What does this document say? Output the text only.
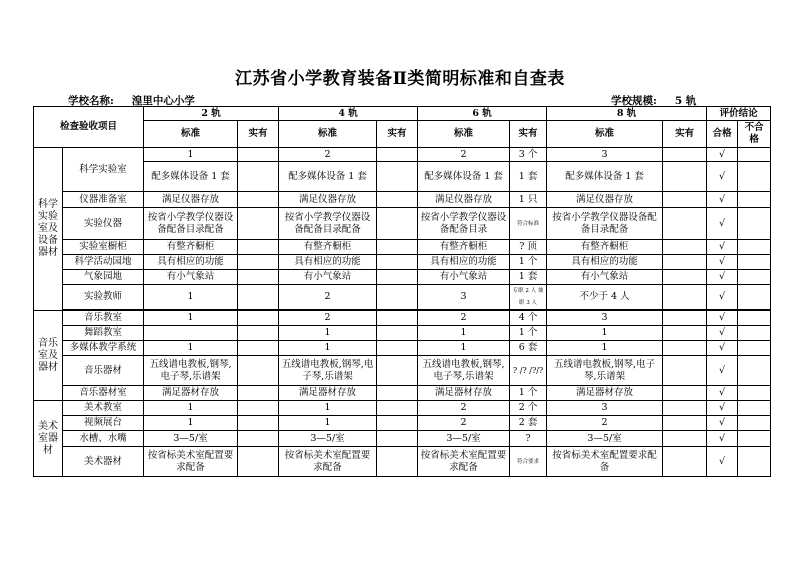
江苏省小学教育装备Ⅱ类简明标准和自查表
学校名称: 湟里中心小学	学校规模: 5 轨
检查验收项目		2 轨		4 轨		6 轨		8 轨		评价结论	
		标准	实有	标准	实有	标准	实有	标准	实有	合格	不合格
科学实验室及设备器材	科学实验室	1		2		2	3 个	3		√	
		配多媒体设备 1 套		配多媒体设备 1 套		配多媒体设备 1 套	1 套	配多媒体设备 1 套		√	
	仪器准备室	满足仪器存放		满足仪器存放		满足仪器存放	1 只	满足仪器存放		√	
	实验仪器	按省小学教学仪器设备配备目录配备		按省小学教学仪器设备配备目录配备		按省小学教学仪器设备配备目录	符合标准	按省小学教学仪器设备配备目录配备		√	
	实验室橱柜	有整齐橱柜		有整齐橱柜		有整齐橱柜	? 顶	有整齐橱柜		√	
	科学活动园地	具有相应的功能		具有相应的功能		具有相应的功能	1 个	具有相应的功能		√	
	气象园地	有小气象站		有小气象站		有小气象站	1 套	有小气象站		√	
	实验教师	1		2		3	专职 2 人 兼职 3 人	不少于 4 人		√	

音乐室及器材	音乐教室	1		2		2	4 个	3		√	
	舞蹈教室			1		1	1 个	1		√	
	多媒体教学系统	1		1		1	6 套	1		√	
	音乐器材	五线谱电教板,钢琴,电子琴,乐谱架		五线谱电教板,钢琴,电子琴,乐谱架		五线谱电教板,钢琴,电子琴,乐谱架	? /? /?/?	五线谱电教板,钢琴,电子琴,乐谱架		√	
	音乐器材室	满足器材存放		满足器材存放		满足器材存放	1 个	满足器材存放		√	
美术室器材	美术教室	1		1		2	2 个	3		√	
	视频展台	1		1		2	2 套	2		√	
	水槽、水嘴	3—5/室		3—5/室		3—5/室	?	3—5/室		√	
	美术器材	按省标美术室配置要求配备		按省标美术室配置要求配备		按省标美术室配置要求配备	符合要求	按省标美术室配置要求配备		√	
